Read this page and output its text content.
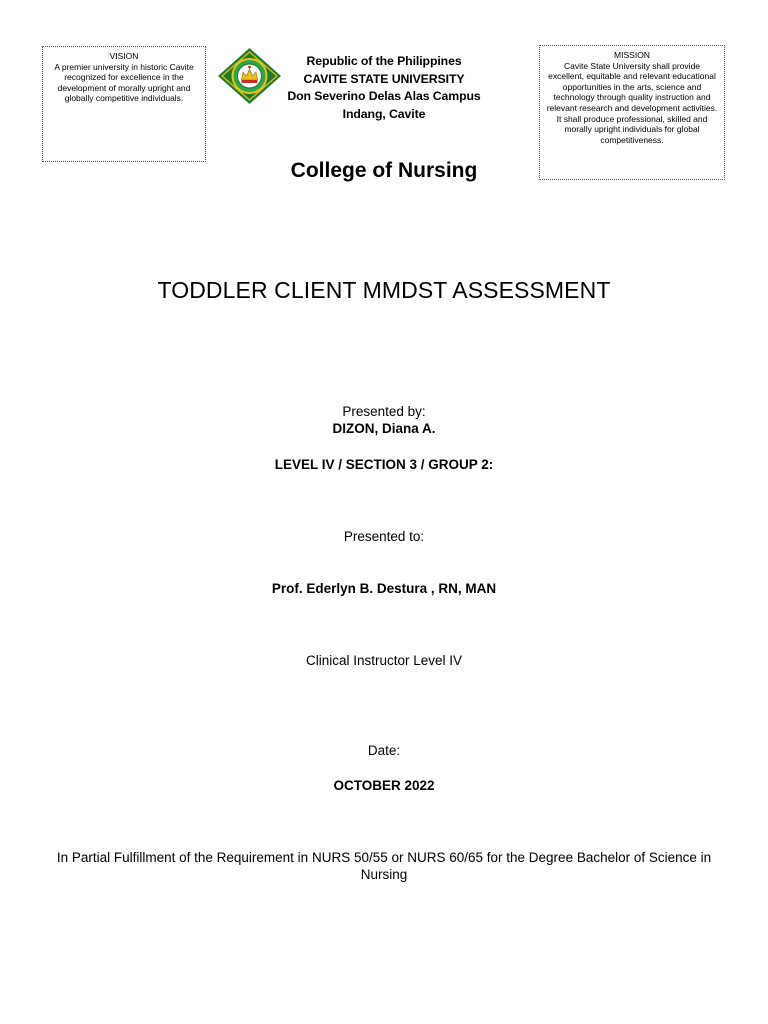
VISION
A premier university in historic Cavite recognized for excellence in the development of morally upright and globally competitive individuals.
Republic of the Philippines
CAVITE STATE UNIVERSITY
Don Severino Delas Alas Campus
Indang, Cavite
MISSION
Cavite State University shall provide excellent, equitable and relevant educational opportunities in the arts, science and technology through quality instruction and relevant research and development activities. It shall produce professional, skilled and morally upright individuals for global competitiveness.
College of Nursing
TODDLER CLIENT MMDST ASSESSMENT
Presented by:
DIZON, Diana A.
LEVEL IV / SECTION 3 / GROUP 2:
Presented to:
Prof. Ederlyn B. Destura , RN, MAN
Clinical Instructor Level IV
Date:
OCTOBER 2022
In Partial Fulfillment of the Requirement in NURS 50/55 or NURS 60/65 for the Degree Bachelor of Science in Nursing
